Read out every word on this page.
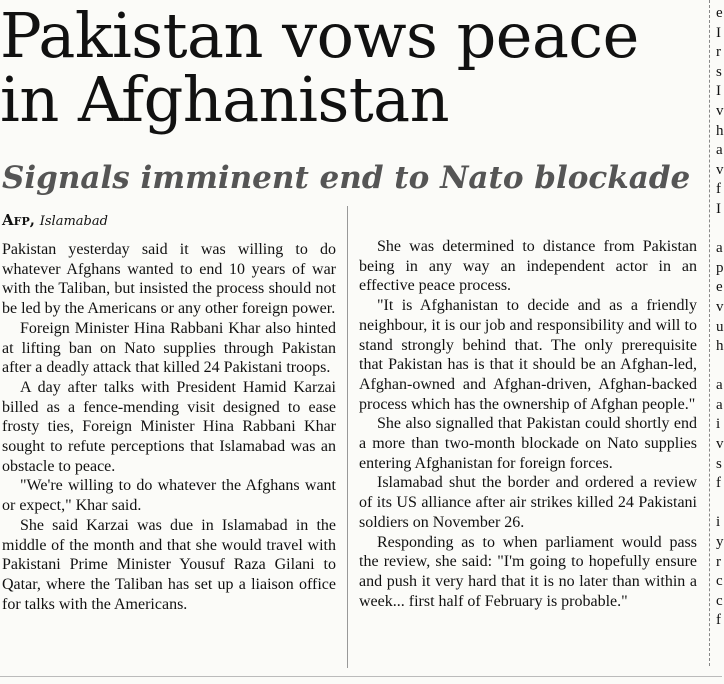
Pakistan vows peace in Afghanistan
Signals imminent end to Nato blockade
Afp, Islamabad

Pakistan yesterday said it was willing to do whatever Afghans wanted to end 10 years of war with the Taliban, but insisted the process should not be led by the Americans or any other foreign power.

Foreign Minister Hina Rabbani Khar also hinted at lifting ban on Nato supplies through Pakistan after a deadly attack that killed 24 Pakistani troops.

A day after talks with President Hamid Karzai billed as a fence-mending visit designed to ease frosty ties, Foreign Minister Hina Rabbani Khar sought to refute perceptions that Islamabad was an obstacle to peace.

"We're willing to do whatever the Afghans want or expect," Khar said.

She said Karzai was due in Islamabad in the middle of the month and that she would travel with Pakistani Prime Minister Yousuf Raza Gilani to Qatar, where the Taliban has set up a liaison office for talks with the Americans.

She was determined to distance from Pakistan being in any way an independent actor in an effective peace process.

"It is Afghanistan to decide and as a friendly neighbour, it is our job and responsibility and will to stand strongly behind that. The only prerequisite that Pakistan has is that it should be an Afghan-led, Afghan-owned and Afghan-driven, Afghan-backed process which has the ownership of Afghan people."

She also signalled that Pakistan could shortly end a more than two-month blockade on Nato supplies entering Afghanistan for foreign forces.

Islamabad shut the border and ordered a review of its US alliance after air strikes killed 24 Pakistani soldiers on November 26.

Responding as to when parliament would pass the review, she said: "I'm going to hopefully ensure and push it very hard that it is no later than within a week... first half of February is probable."

e
I
r
s
I
v
h
a
v
f
I

a
p
e
v
u
h

a
a
i
v
s
f

i
y
r
c
c
f
